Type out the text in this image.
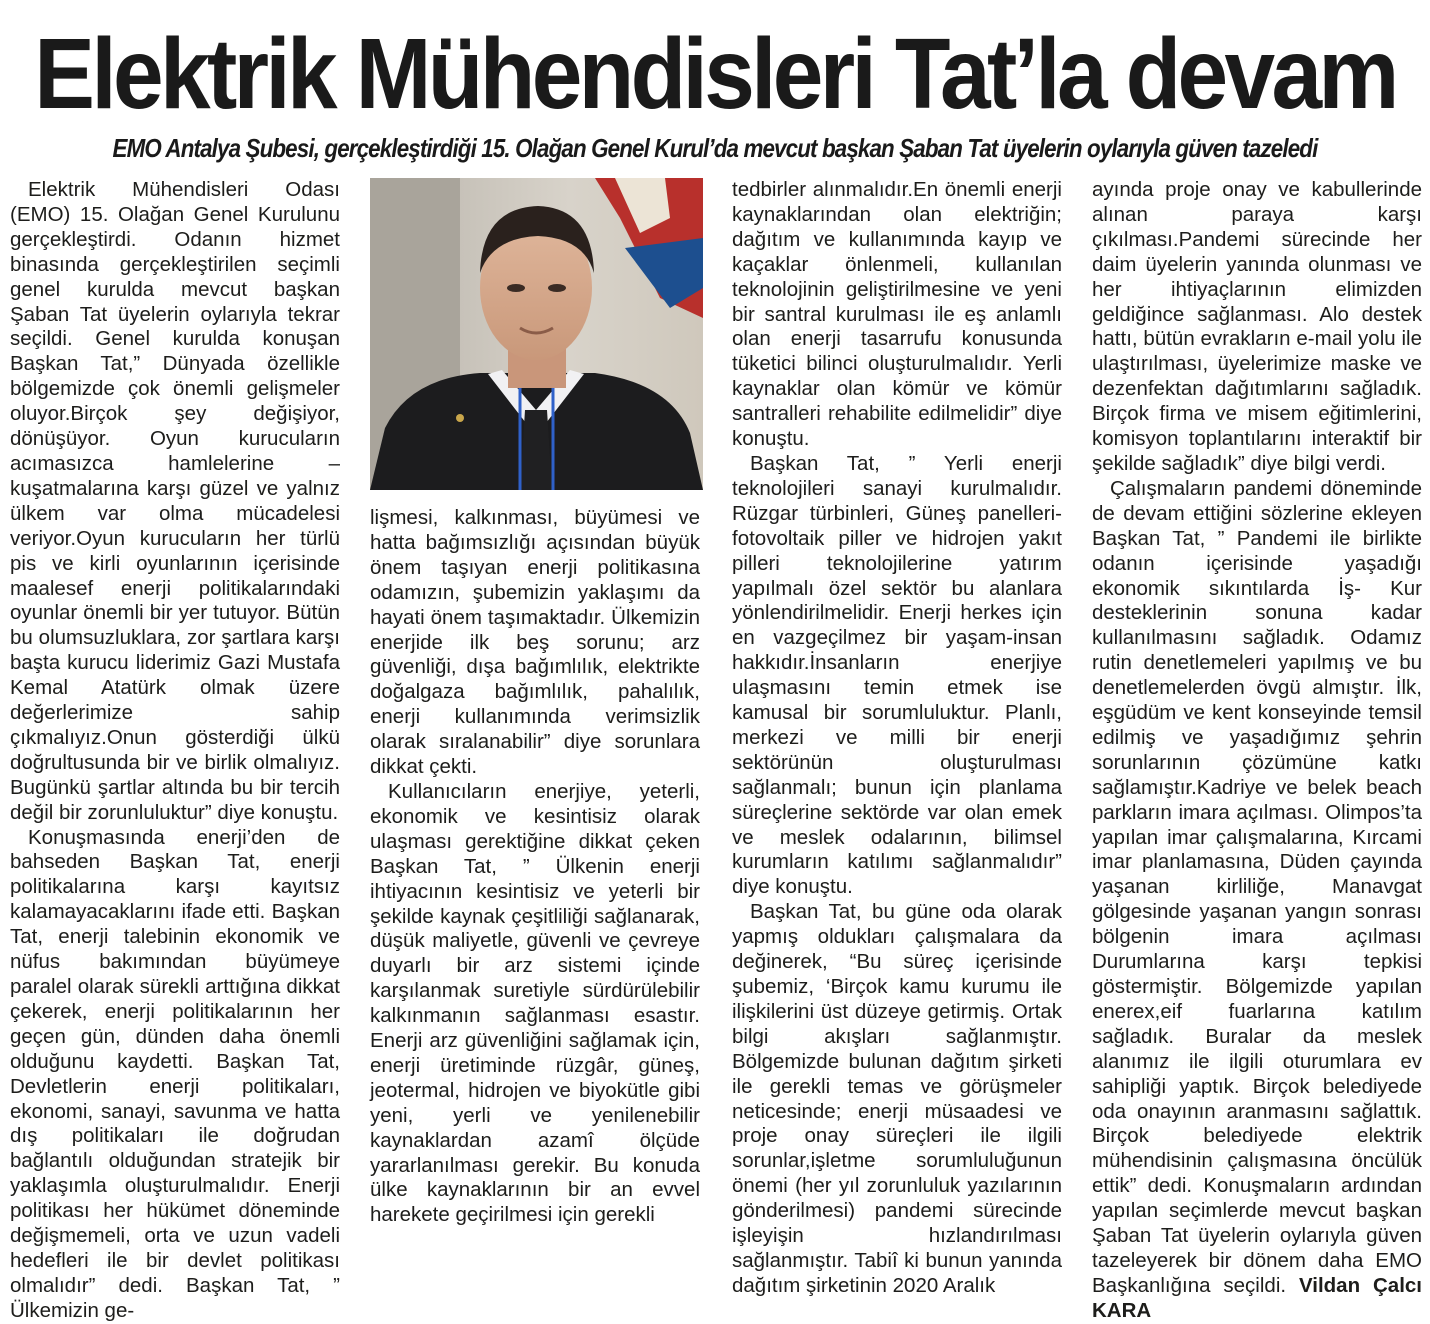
Elektrik Mühendisleri Tat’la devam
EMO Antalya Şubesi, gerçekleştirdiği 15. Olağan Genel Kurul’da mevcut başkan Şaban Tat üyelerin oylarıyla güven tazeledi

Elektrik Mühendisleri Odası (EMO) 15. Olağan Genel Kurulunu gerçekleştirdi. Odanın hizmet binasında gerçekleştirilen seçimli genel kurulda mevcut başkan Şaban Tat üyelerin oylarıyla tekrar seçildi. Genel kurulda konuşan Başkan Tat,” Dünyada özellikle bölgemizde çok önemli gelişmeler oluyor.Birçok şey değişiyor, dönüşüyor. Oyun kurucuların acımasızca hamlelerine – kuşatmalarına karşı güzel ve yalnız ülkem var olma mücadelesi veriyor.Oyun kurucuların her türlü pis ve kirli oyunlarının içerisinde maalesef enerji politikalarındaki oyunlar önemli bir yer tutuyor. Bütün bu olumsuzluklara, zor şartlara karşı başta kurucu liderimiz Gazi Mustafa Kemal Atatürk olmak üzere değerlerimize sahip çıkmalıyız.Onun gösterdiği ülkü doğrultusunda bir ve birlik olmalıyız. Bugünkü şartlar altında bu bir tercih değil bir zorunluluktur” diye konuştu.

Konuşmasında enerji’den de bahseden Başkan Tat, enerji politikalarına karşı kayıtsız kalamayacaklarını ifade etti. Başkan Tat, enerji talebinin ekonomik ve nüfus bakımından büyümeye paralel olarak sürekli arttığına dikkat çekerek, enerji politikalarının her geçen gün, dünden daha önemli olduğunu kaydetti. Başkan Tat, Devletlerin enerji politikaları, ekonomi, sanayi, savunma ve hatta dış politikaları ile doğrudan bağlantılı olduğundan stratejik bir yaklaşımla oluşturulmalıdır. Enerji politikası her hükümet döneminde değişmemeli, orta ve uzun vadeli hedefleri ile bir devlet politikası olmalıdır” dedi. Başkan Tat, ” Ülkemizin ge-

lişmesi, kalkınması, büyümesi ve hatta bağımsızlığı açısından büyük önem taşıyan enerji politikasına odamızın, şubemizin yaklaşımı da hayati önem taşımaktadır. Ülkemizin enerjide ilk beş sorunu; arz güvenliği, dışa bağımlılık, elektrikte doğalgaza bağımlılık, pahalılık, enerji kullanımında verimsizlik olarak sıralanabilir” diye sorunlara dikkat çekti.

Kullanıcıların enerjiye, yeterli, ekonomik ve kesintisiz olarak ulaşması gerektiğine dikkat çeken Başkan Tat, ” Ülkenin enerji ihtiyacının kesintisiz ve yeterli bir şekilde kaynak çeşitliliği sağlanarak, düşük maliyetle, güvenli ve çevreye duyarlı bir arz sistemi içinde karşılanmak suretiyle sürdürülebilir kalkınmanın sağlanması esastır. Enerji arz güvenliğini sağlamak için, enerji üretiminde rüzgâr, güneş, jeotermal, hidrojen ve biyokütle gibi yeni, yerli ve yenilenebilir kaynaklardan azamî ölçüde yararlanılması gerekir. Bu konuda ülke kaynaklarının bir an evvel harekete geçirilmesi için gerekli

tedbirler alınmalıdır.En önemli enerji kaynaklarından olan elektriğin; dağıtım ve kullanımında kayıp ve kaçaklar önlenmeli, kullanılan teknolojinin geliştirilmesine ve yeni bir santral kurulması ile eş anlamlı olan enerji tasarrufu konusunda tüketici bilinci oluşturulmalıdır. Yerli kaynaklar olan kömür ve kömür santralleri rehabilite edilmelidir” diye konuştu.

Başkan Tat, ” Yerli enerji teknolojileri sanayi kurulmalıdır. Rüzgar türbinleri, Güneş panelleri-fotovoltaik piller ve hidrojen yakıt pilleri teknolojilerine yatırım yapılmalı özel sektör bu alanlara yönlendirilmelidir. Enerji herkes için en vazgeçilmez bir yaşam-insan hakkıdır.İnsanların enerjiye ulaşmasını temin etmek ise kamusal bir sorumluluktur. Planlı, merkezi ve milli bir enerji sektörünün oluşturulması sağlanmalı; bunun için planlama süreçlerine sektörde var olan emek ve meslek odalarının, bilimsel kurumların katılımı sağlanmalıdır” diye konuştu.

Başkan Tat, bu güne oda olarak yapmış oldukları çalışmalara da değinerek, “Bu süreç içerisinde şubemiz, ‘Birçok kamu kurumu ile ilişkilerini üst düzeye getirmiş. Ortak bilgi akışları sağlanmıştır. Bölgemizde bulunan dağıtım şirketi ile gerekli temas ve görüşmeler neticesinde; enerji müsaadesi ve proje onay süreçleri ile ilgili sorunlar,işletme sorumluluğunun önemi (her yıl zorunluluk yazılarının gönderilmesi) pandemi sürecinde işleyişin hızlandırılması sağlanmıştır. Tabiî ki bunun yanında dağıtım şirketinin 2020 Aralık

ayında proje onay ve kabullerinde alınan paraya karşı çıkılması.Pandemi sürecinde her daim üyelerin yanında olunması ve her ihtiyaçlarının elimizden geldiğince sağlanması. Alo destek hattı, bütün evrakların e-mail yolu ile ulaştırılması, üyelerimize maske ve dezenfektan dağıtımlarını sağladık. Birçok firma ve misem eğitimlerini, komisyon toplantılarını interaktif bir şekilde sağladık” diye bilgi verdi.

Çalışmaların pandemi döneminde de devam ettiğini sözlerine ekleyen Başkan Tat, ” Pandemi ile birlikte odanın içerisinde yaşadığı ekonomik sıkıntılarda İş- Kur desteklerinin sonuna kadar kullanılmasını sağladık. Odamız rutin denetlemeleri yapılmış ve bu denetlemelerden övgü almıştır. İlk, eşgüdüm ve kent konseyinde temsil edilmiş ve yaşadığımız şehrin sorunlarının çözümüne katkı sağlamıştır.Kadriye ve belek beach parkların imara açılması. Olimpos’ta yapılan imar çalışmalarına, Kırcami imar planlamasına, Düden çayında yaşanan kirliliğe, Manavgat gölgesinde yaşanan yangın sonrası bölgenin imara açılması Durumlarına karşı tepkisi göstermiştir. Bölgemizde yapılan enerex,eif fuarlarına katılım sağladık. Buralar da meslek alanımız ile ilgili oturumlara ev sahipliği yaptık. Birçok belediyede oda onayının aranmasını sağlattık. Birçok belediyede elektrik mühendisinin çalışmasına öncülük ettik” dedi. Konuşmaların ardından yapılan seçimlerde mevcut başkan Şaban Tat üyelerin oylarıyla güven tazeleyerek bir dönem daha EMO Başkanlığına seçildi. Vildan Çalcı KARA
